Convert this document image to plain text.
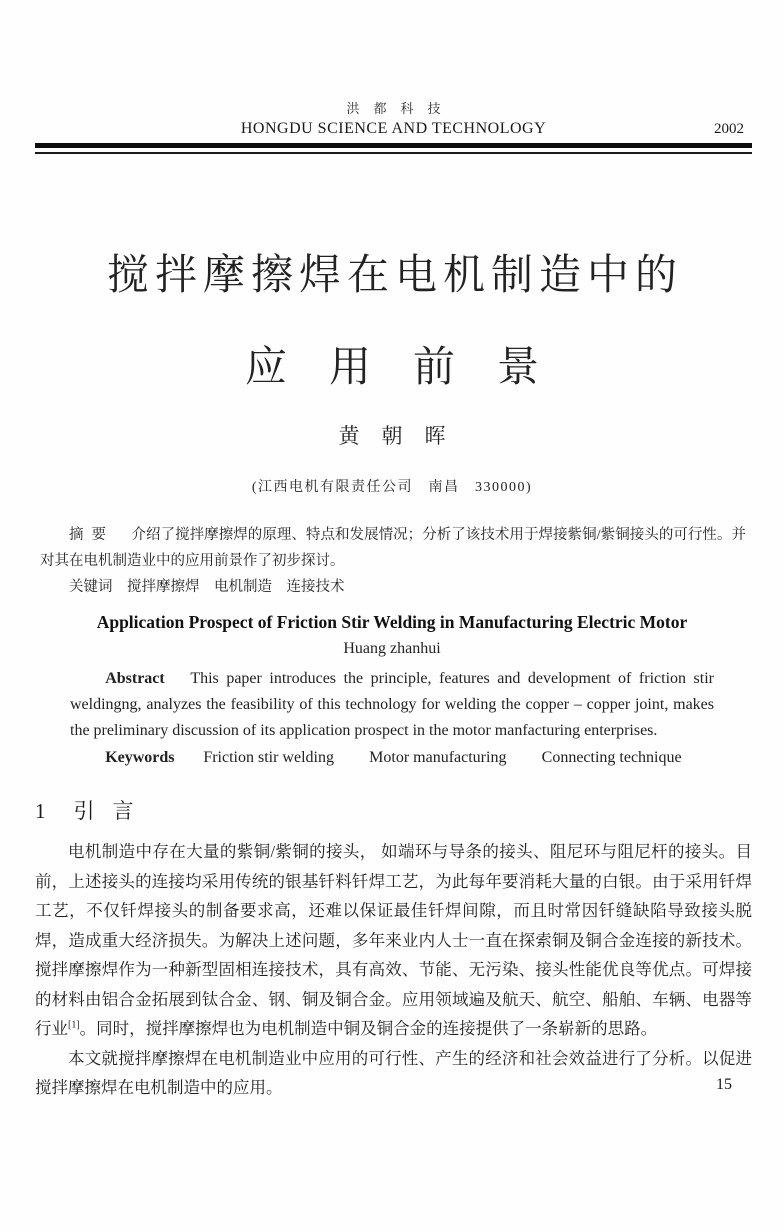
洪都科技
HONGDU SCIENCE AND TECHNOLOGY	2002
搅拌摩擦焊在电机制造中的
应用前景
黄朝晖
(江西电机有限责任公司　南昌　330000)

摘要 介绍了搅拌摩擦焊的原理、特点和发展情况；分析了该技术用于焊接紫铜/紫铜接头的可行性。并对其在电机制造业中的应用前景作了初步探讨。

关键词 搅拌摩擦焊 电机制造 连接技术

Application Prospect of Friction Stir Welding in Manufacturing Electric Motor
Huang zhanhui

Abstract This paper introduces the principle, features and development of friction stir weldingng, analyzes the feasibility of this technology for welding the copper – copper joint, makes the preliminary discussion of its application prospect in the motor manfacturing enterprises.

Keywords Friction stir welding Motor manufacturing Connecting technique

1 引言

电机制造中存在大量的紫铜/紫铜的接头， 如端环与导条的接头、阻尼环与阻尼杆的接头。目前，上述接头的连接均采用传统的银基钎料钎焊工艺，为此每年要消耗大量的白银。由于采用钎焊工艺，不仅钎焊接头的制备要求高，还难以保证最佳钎焊间隙，而且时常因钎缝缺陷导致接头脱焊，造成重大经济损失。为解决上述问题，多年来业内人士一直在探索铜及铜合金连接的新技术。搅拌摩擦焊作为一种新型固相连接技术，具有高效、节能、无污染、接头性能优良等优点。可焊接的材料由铝合金拓展到钛合金、钢、铜及铜合金。应用领域遍及航天、航空、船舶、车辆、电器等行业[1]。同时，搅拌摩擦焊也为电机制造中铜及铜合金的连接提供了一条崭新的思路。

本文就搅拌摩擦焊在电机制造业中应用的可行性、产生的经济和社会效益进行了分析。以促进搅拌摩擦焊在电机制造中的应用。	15
